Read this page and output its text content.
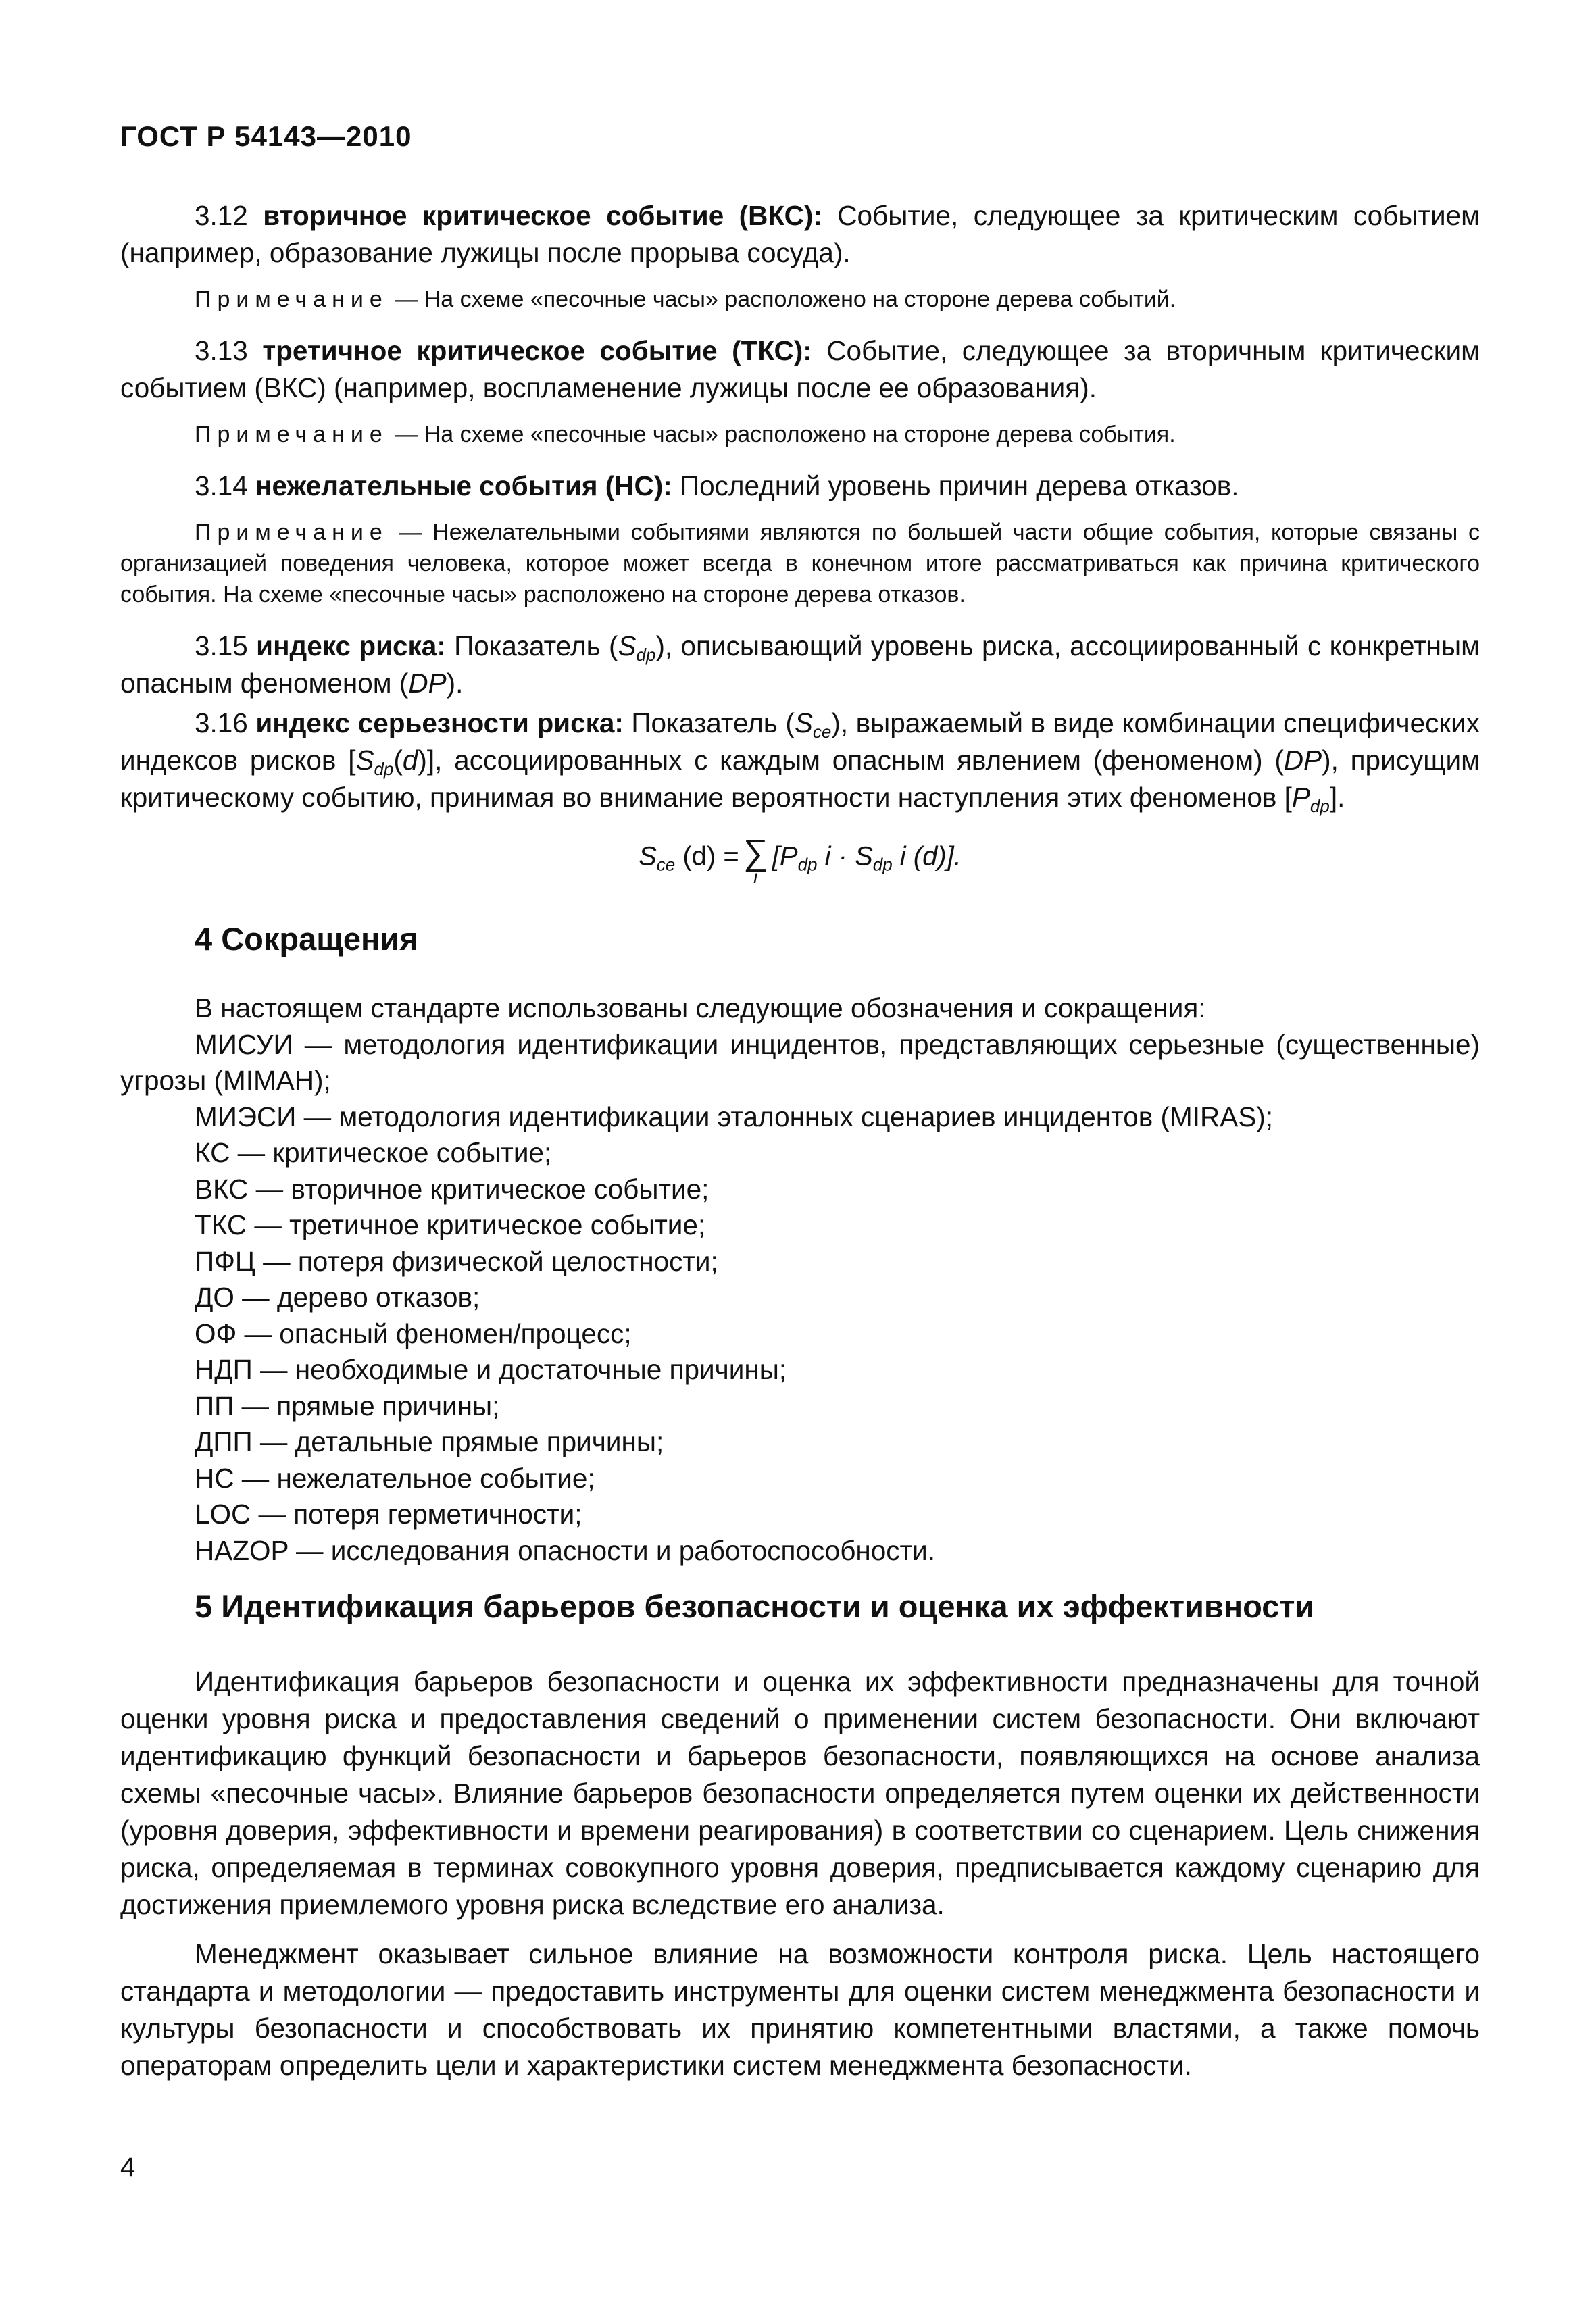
ГОСТ Р 54143—2010

3.12 вторичное критическое событие (ВКС): Событие, следующее за критическим событием (например, образование лужицы после прорыва сосуда).

Примечание — На схеме «песочные часы» расположено на стороне дерева событий.

3.13 третичное критическое событие (ТКС): Событие, следующее за вторичным критическим событием (ВКС) (например, воспламенение лужицы после ее образования).

Примечание — На схеме «песочные часы» расположено на стороне дерева события.

3.14 нежелательные события (НС): Последний уровень причин дерева отказов.

Примечание — Нежелательными событиями являются по большей части общие события, которые связаны с организацией поведения человека, которое может всегда в конечном итоге рассматриваться как причина критического события. На схеме «песочные часы» расположено на стороне дерева отказов.

3.15 индекс риска: Показатель $(S_{dp})$, описывающий уровень риска, ассоциированный с конкретным опасным феноменом (DP).

3.16 индекс серьезности риска: Показатель $(S_{ce})$, выражаемый в виде комбинации специфических индексов рисков $[S_{dp}(d)]$, ассоциированных с каждым опасным явлением (феноменом) (DP), присущим критическому событию, принимая во внимание вероятности наступления этих феноменов $[P_{dp}]$.

$S_{ce}$ (d) = ∑
i
[$P_{dp}$ $i \cdot S_{dp}$ i (d)].
4 Сокращения

В настоящем стандарте использованы следующие обозначения и сокращения:

МИСУИ — методология идентификации инцидентов, представляющих серьезные (существенные) угрозы (MIMAH);

МИЭСИ — методология идентификации эталонных сценариев инцидентов (MIRAS);

КС — критическое событие;

ВКС — вторичное критическое событие;

ТКС — третичное критическое событие;

ПФЦ — потеря физической целостности;

ДО — дерево отказов;

ОФ — опасный феномен/процесс;

НДП — необходимые и достаточные причины;

ПП — прямые причины;

ДПП — детальные прямые причины;

НС — нежелательное событие;

LOC — потеря герметичности;

HAZOP — исследования опасности и работоспособности.

5 Идентификация барьеров безопасности и оценка их эффективности

Идентификация барьеров безопасности и оценка их эффективности предназначены для точной оценки уровня риска и предоставления сведений о применении систем безопасности. Они включают идентификацию функций безопасности и барьеров безопасности, появляющихся на основе анализа схемы «песочные часы». Влияние барьеров безопасности определяется путем оценки их действенности (уровня доверия, эффективности и времени реагирования) в соответствии со сценарием. Цель снижения риска, определяемая в терминах совокупного уровня доверия, предписывается каждому сценарию для достижения приемлемого уровня риска вследствие его анализа.

Менеджмент оказывает сильное влияние на возможности контроля риска. Цель настоящего стандарта и методологии — предоставить инструменты для оценки систем менеджмента безопасности и культуры безопасности и способствовать их принятию компетентными властями, а также помочь операторам определить цели и характеристики систем менеджмента безопасности.

4
